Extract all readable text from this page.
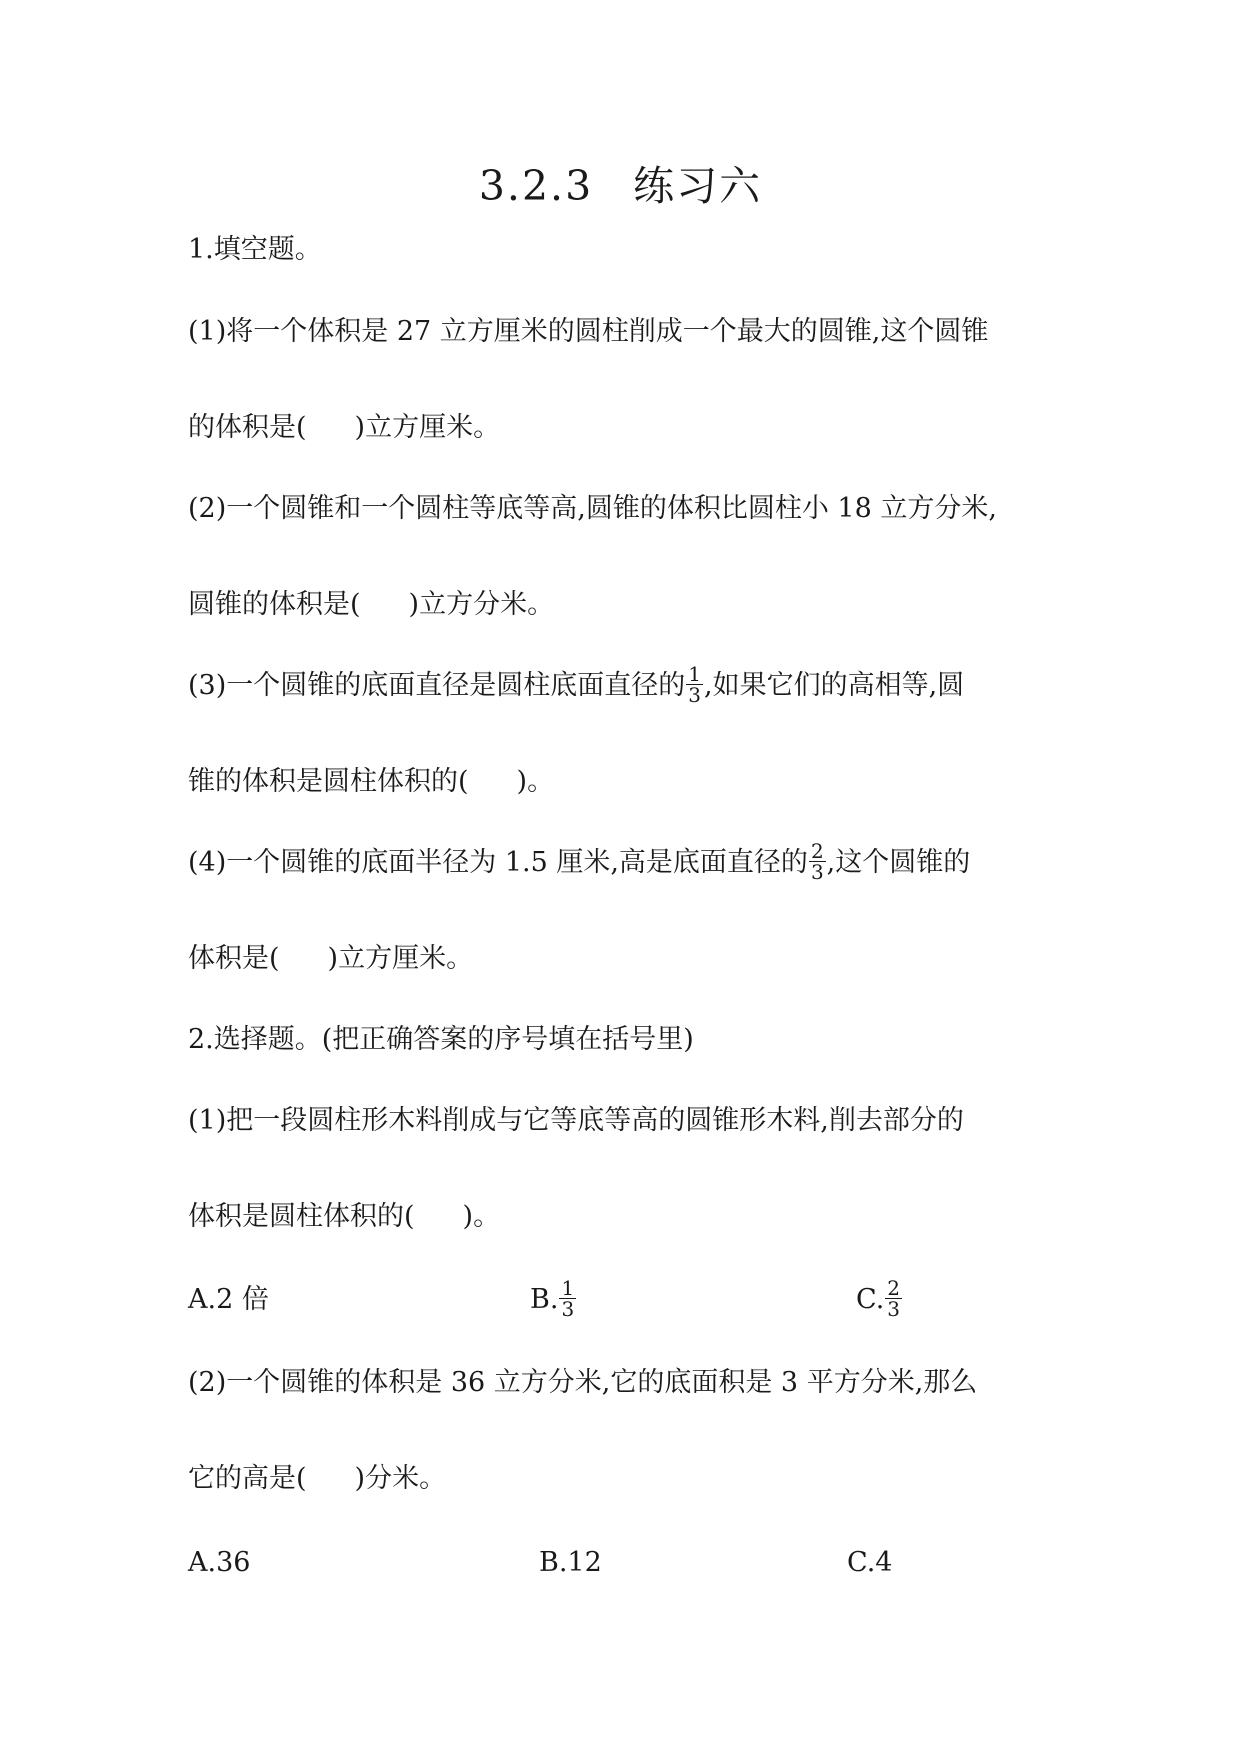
3.2.3 练习六
1.填空题。
(1)将一个体积是 27 立方厘米的圆柱削成一个最大的圆锥,这个圆锥
的体积是( )立方厘米。
(2)一个圆锥和一个圆柱等底等高,圆锥的体积比圆柱小 18 立方分米,
圆锥的体积是( )立方分米。
(3)一个圆锥的底面直径是圆柱底面直径的 $\frac{1}{3}$ ,如果它们的高相等,圆
锥的体积是圆柱体积的( )。
(4)一个圆锥的底面半径为 1.5 厘米,高是底面直径的 $\frac{2}{3}$ ,这个圆锥的
体积是( )立方厘米。
2.选择题。(把正确答案的序号填在括号里)
(1)把一段圆柱形木料削成与它等底等高的圆锥形木料,削去部分的
体积是圆柱体积的( )。
A.2 倍	B. $\frac{1}{3}$	C. $\frac{2}{3}$
(2)一个圆锥的体积是 36 立方分米,它的底面积是 3 平方分米,那么
它的高是( )分米。
A.36	B.12	C.4
